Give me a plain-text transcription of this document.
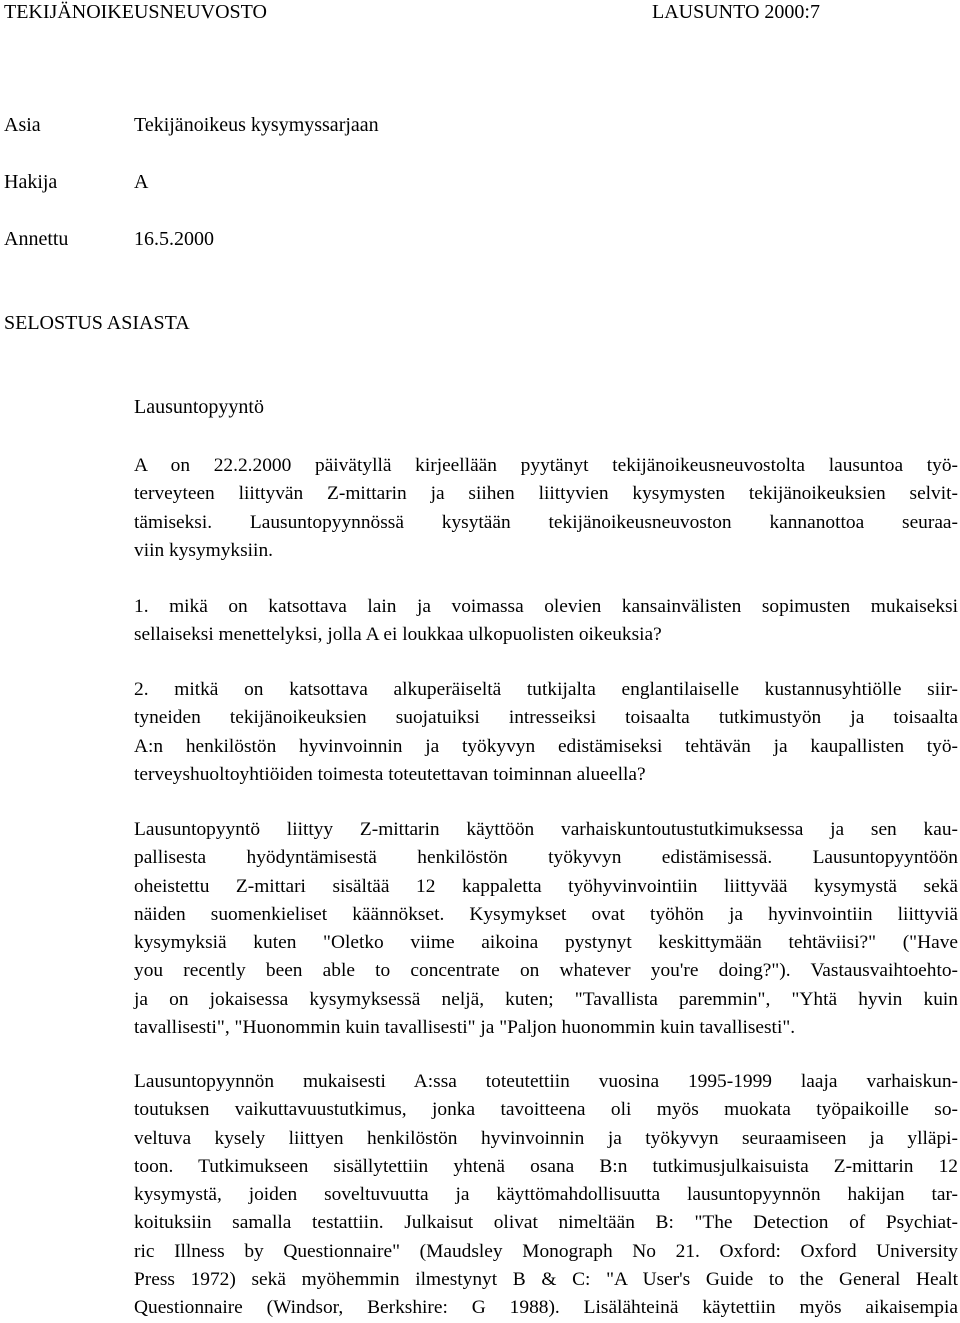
TEKIJÄNOIKEUSNEUVOSTO	LAUSUNTO 2000:7
Asia	Tekijänoikeus kysymyssarjaan
Hakija	A
Annettu	16.5.2000
SELOSTUS ASIASTA
Lausuntopyyntö
A on 22.2.2000 päivätyllä kirjeellään pyytänyt tekijänoikeusneuvostolta lausuntoa työ-
terveyteen liittyvän Z-mittarin ja siihen liittyvien kysymysten tekijänoikeuksien selvit-
tämiseksi. Lausuntopyynnössä kysytään tekijänoikeusneuvoston kannanottoa seuraa-
viin kysymyksiin.
1. mikä on katsottava lain ja voimassa olevien kansainvälisten sopimusten mukaiseksi
sellaiseksi menettelyksi, jolla A ei loukkaa ulkopuolisten oikeuksia?
2. mitkä on katsottava alkuperäiseltä tutkijalta englantilaiselle kustannusyhtiölle siir-
tyneiden tekijänoikeuksien suojatuiksi intresseiksi toisaalta tutkimustyön ja toisaalta
A:n henkilöstön hyvinvoinnin ja työkyvyn edistämiseksi tehtävän ja kaupallisten työ-
terveyshuoltoyhtiöiden toimesta toteutettavan toiminnan alueella?
Lausuntopyyntö liittyy Z-mittarin käyttöön varhaiskuntoutustutkimuksessa ja sen kau-
pallisesta hyödyntämisestä henkilöstön työkyvyn edistämisessä. Lausuntopyyntöön
oheistettu Z-mittari sisältää 12 kappaletta työhyvinvointiin liittyvää kysymystä sekä
näiden suomenkieliset käännökset. Kysymykset ovat työhön ja hyvinvointiin liittyviä
kysymyksiä kuten "Oletko viime aikoina pystynyt keskittymään tehtäviisi?" ("Have
you recently been able to concentrate on whatever you're doing?"). Vastausvaihtoehto-
ja on jokaisessa kysymyksessä neljä, kuten; "Tavallista paremmin", "Yhtä hyvin kuin
tavallisesti", "Huonommin kuin tavallisesti" ja "Paljon huonommin kuin tavallisesti".
Lausuntopyynnön mukaisesti A:ssa toteutettiin vuosina 1995-1999 laaja varhaiskun-
toutuksen vaikuttavuustutkimus, jonka tavoitteena oli myös muokata työpaikoille so-
veltuva kysely liittyen henkilöstön hyvinvoinnin ja työkyvyn seuraamiseen ja ylläpi-
toon. Tutkimukseen sisällytettiin yhtenä osana B:n tutkimusjulkaisuista Z-mittarin 12
kysymystä, joiden soveltuvuutta ja käyttömahdollisuutta lausuntopyynnön hakijan tar-
koituksiin samalla testattiin. Julkaisut olivat nimeltään B: "The Detection of Psychiat-
ric Illness by Questionnaire" (Maudsley Monograph No 21. Oxford: Oxford University
Press 1972) sekä myöhemmin ilmestynyt B & C: "A User's Guide to the General Healt
Questionnaire (Windsor, Berkshire: G 1988). Lisälähteinä käytettiin myös aikaisempia
